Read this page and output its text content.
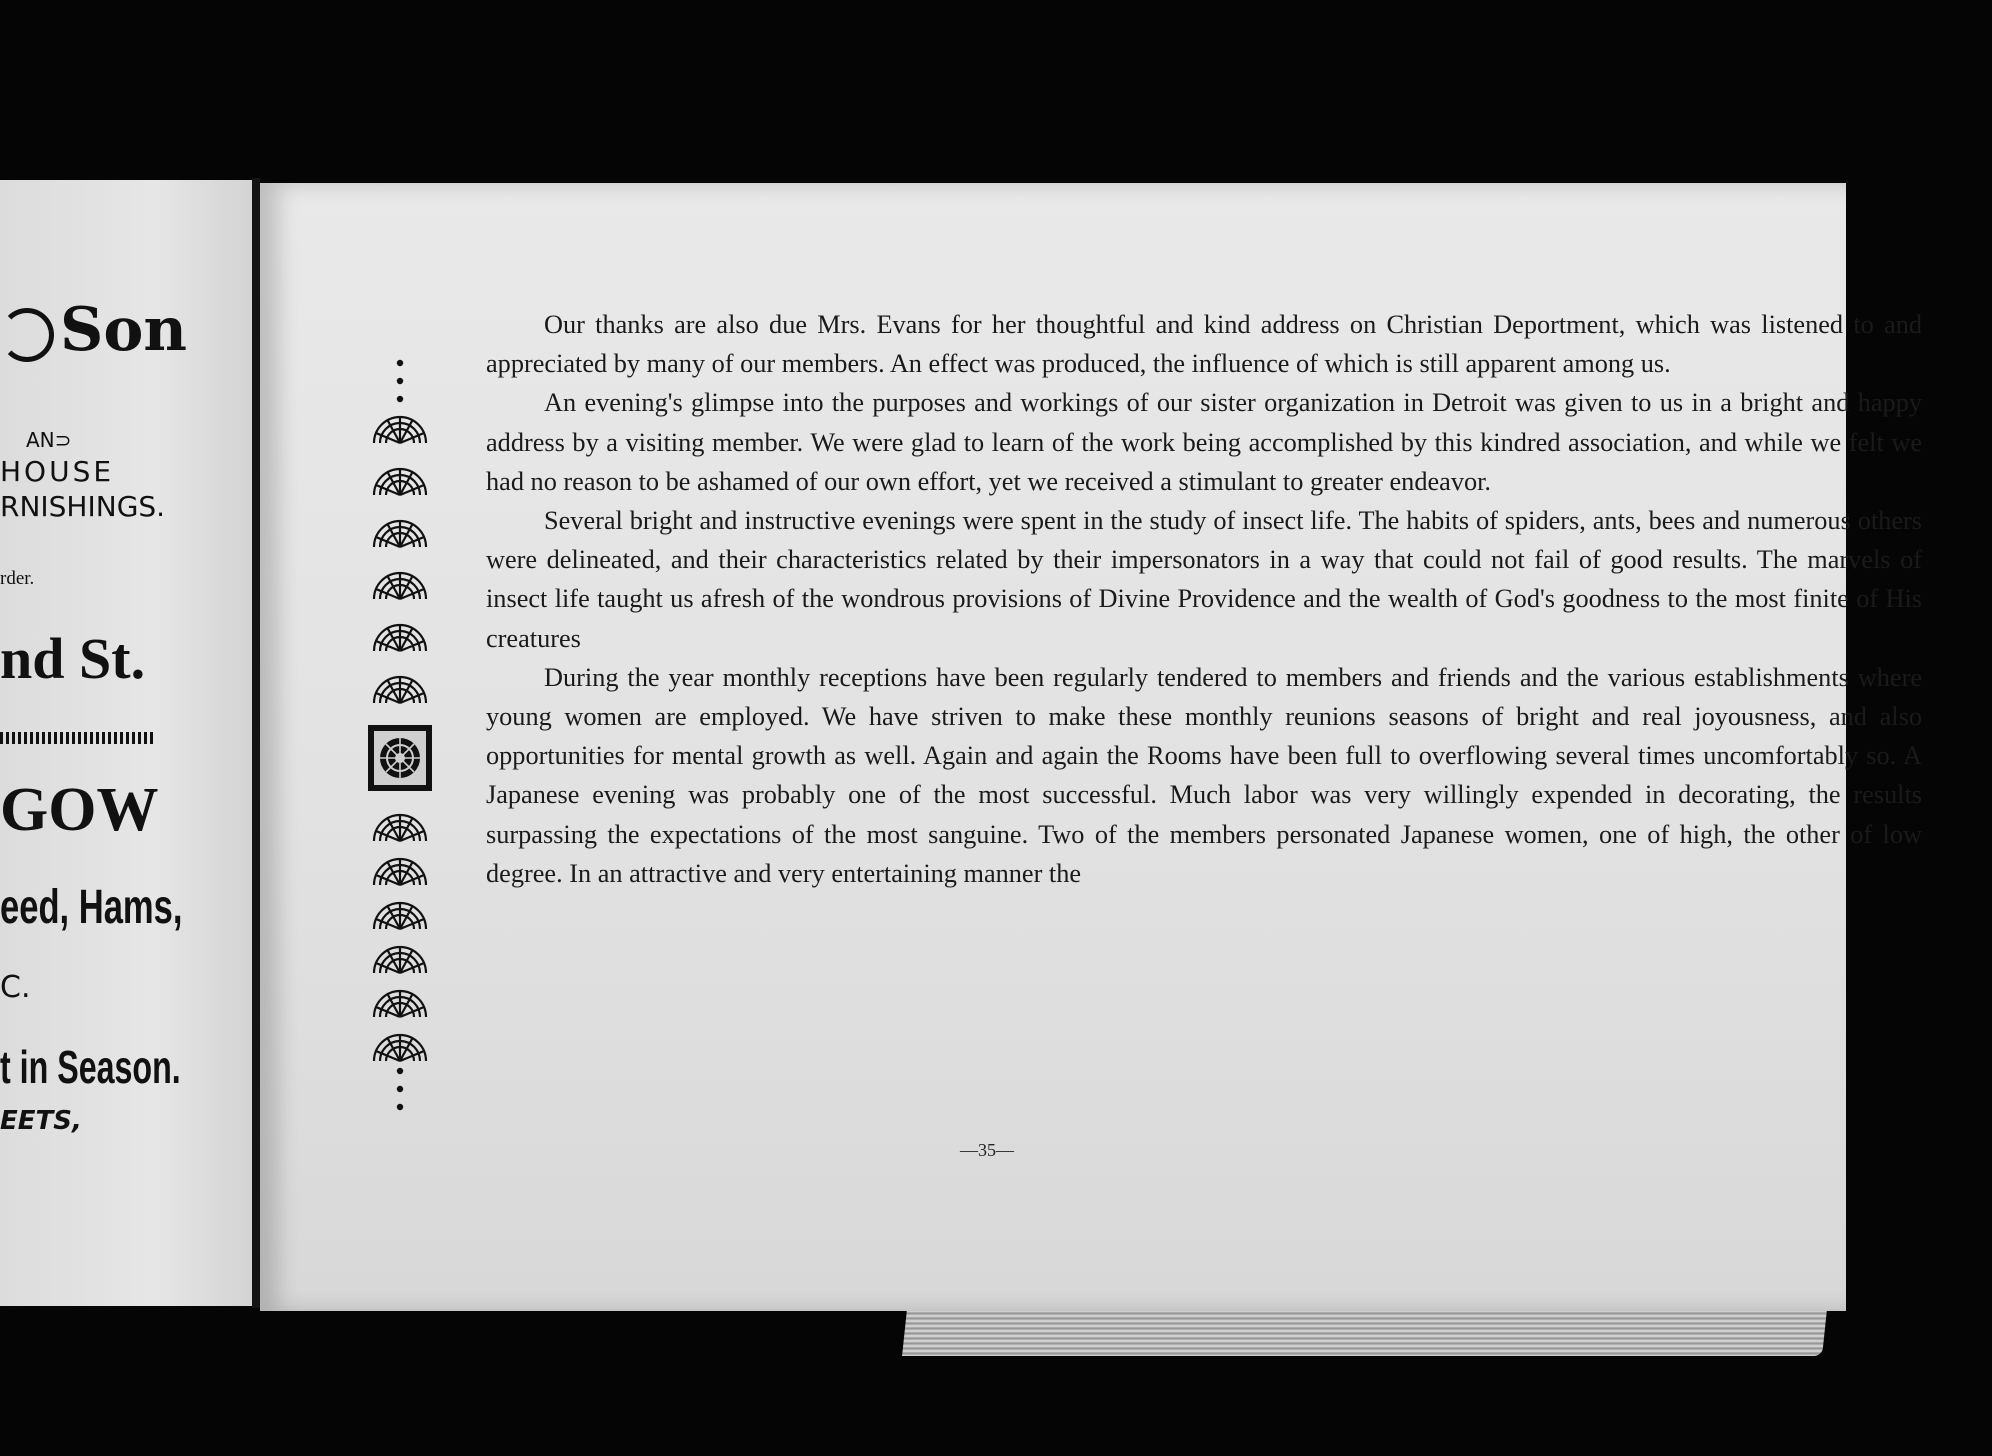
Son
AN⊃
HOUSE
RNISHINGS.
rder.
nd St.
GOW
eed, Hams,
C.
t in Season.
EETS,

Our thanks are also due Mrs. Evans for her thoughtful and kind address on Christian Deportment, which was listened to and appreciated by many of our members. An effect was produced, the influence of which is still apparent among us.

An evening's glimpse into the purposes and workings of our sister organization in Detroit was given to us in a bright and happy address by a visiting member. We were glad to learn of the work being accomplished by this kindred association, and while we felt we had no reason to be ashamed of our own effort, yet we received a stimulant to greater endeavor.

Several bright and instructive evenings were spent in the study of insect life. The habits of spiders, ants, bees and numerous others were delineated, and their characteristics related by their impersonators in a way that could not fail of good results. The marvels of insect life taught us afresh of the wondrous provisions of Divine Providence and the wealth of God's goodness to the most finite of His creatures

During the year monthly receptions have been regularly tendered to members and friends and the various establishments where young women are employed. We have striven to make these monthly reunions seasons of bright and real joyousness, and also opportunities for mental growth as well. Again and again the Rooms have been full to overflowing several times uncomfortably so. A Japanese evening was probably one of the most successful. Much labor was very willingly expended in decorating, the results surpassing the expectations of the most sanguine. Two of the members personated Japanese women, one of high, the other of low degree. In an attractive and very entertaining manner the

—35—
